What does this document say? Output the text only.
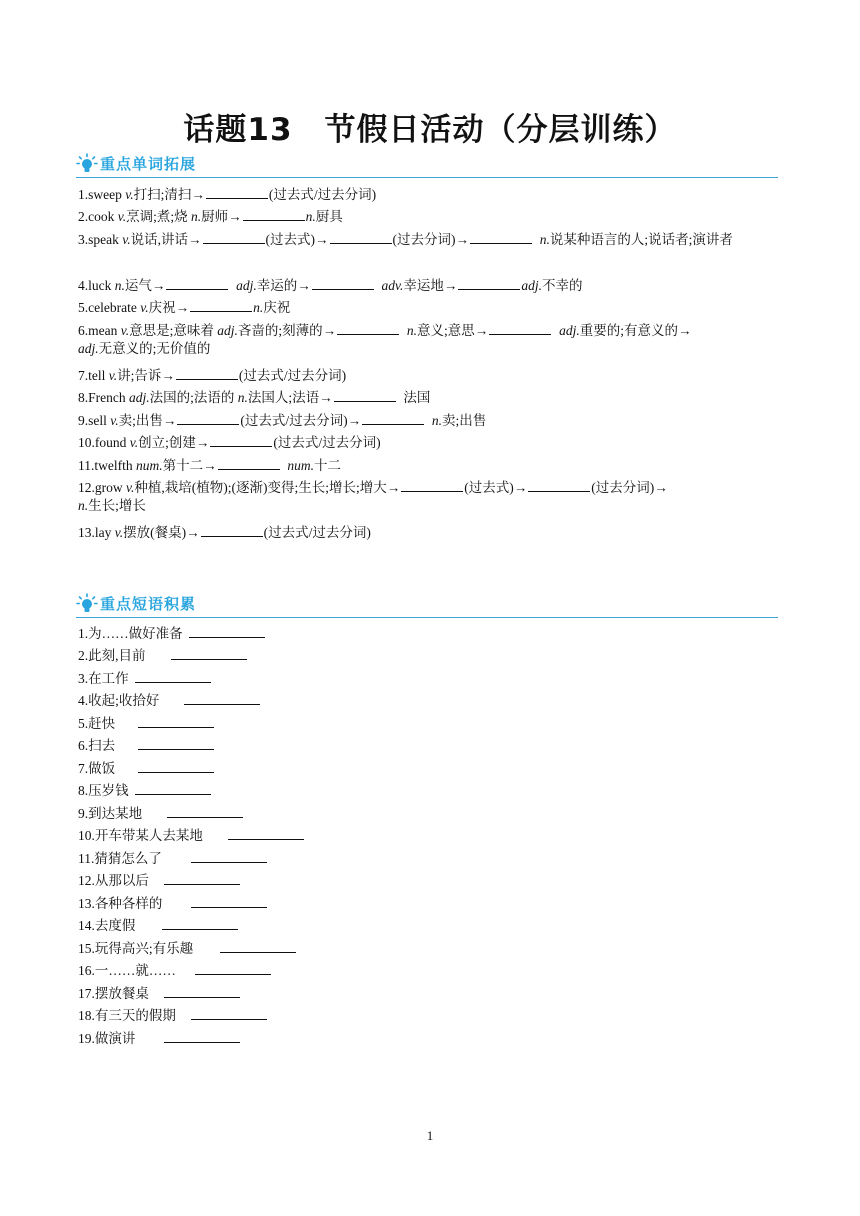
话题13　节假日活动（分层训练）
重点单词拓展
1.sweep v.打扫;清扫→	(过去式/过去分词)
2.cook v.烹调;煮;烧 n.厨师→	n.厨具
3.speak v.说话,讲话→	(过去式)→	(过去分词)→	n.说某种语言的人;说话者;演讲者
4.luck n.运气→	adj.幸运的→	adv.幸运地→	adj.不幸的
5.celebrate v.庆祝→	n.庆祝
6.mean v.意思是;意味着 adj.吝啬的;刻薄的→	n.意义;意思→	adj.重要的;有意义的→
adj.无意义的;无价值的
7.tell v.讲;告诉→	(过去式/过去分词)
8.French adj.法国的;法语的 n.法国人;法语→	法国
9.sell v.卖;出售→	(过去式/过去分词)→	n.卖;出售
10.found v.创立;创建→	(过去式/过去分词)
11.twelfth num.第十二→	num.十二
12.grow v.种植,栽培(植物);(逐渐)变得;生长;增长;增大→	(过去式)→	(过去分词)→
n.生长;增长
13.lay v.摆放(餐桌)→	(过去式/过去分词)
重点短语积累
1.为……做好准备
2.此刻,目前
3.在工作
4.收起;收拾好
5.赶快
6.扫去
7.做饭
8.压岁钱
9.到达某地
10.开车带某人去某地
11.猜猜怎么了
12.从那以后
13.各种各样的
14.去度假
15.玩得高兴;有乐趣
16.一……就……
17.摆放餐桌
18.有三天的假期
19.做演讲
1
